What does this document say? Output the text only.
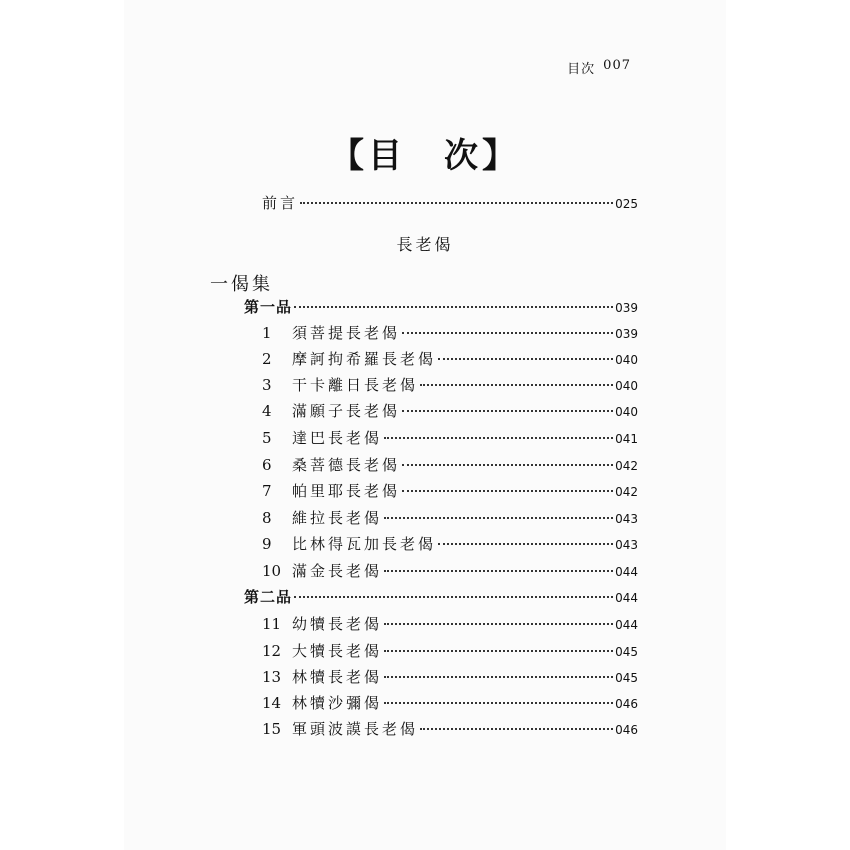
目次 007
【目　次】
前言	025
長老偈
一偈集
第一品	039
1	須菩提長老偈	039
2	摩訶拘希羅長老偈	040
3	干卡離日長老偈	040
4	滿願子長老偈	040
5	達巴長老偈	041
6	桑菩德長老偈	042
7	帕里耶長老偈	042
8	維拉長老偈	043
9	比林得瓦加長老偈	043
10 滿金長老偈	044
第二品	044
11 幼犢長老偈	044
12 大犢長老偈	045
13 林犢長老偈	045
14 林犢沙彌偈	046
15 軍頭波謨長老偈	046
